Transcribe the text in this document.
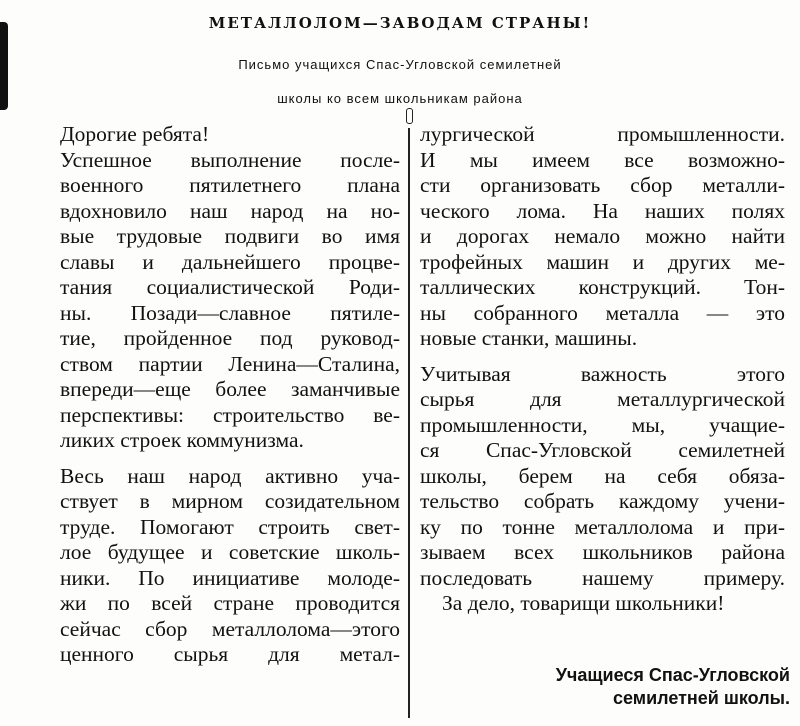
МЕТАЛЛОЛОМ—ЗАВОДАМ СТРАНЫ!
Письмо учащихся Спас-Угловской семилетней
школы ко всем школьникам района
Дорогие ребята!
Успешное выполнение после-
военного пятилетнего плана
вдохновило наш народ на но-
вые трудовые подвиги во имя
славы и дальнейшего процве-
тания социалистической Роди-
ны. Позади—славное пятиле-
тие, пройденное под руковод-
ством партии Ленина—Сталина,
впереди—еще более заманчивые
перспективы: строительство ве-
ликих строек коммунизма.
Весь наш народ активно уча-
ствует в мирном созидательном
труде. Помогают строить свет-
лое будущее и советские школь-
ники. По инициативе молоде-
жи по всей стране проводится
сейчас сбор металлолома—этого
ценного сырья для метал-
лургической промышленности.
И мы имеем все возможно-
сти организовать сбор металли-
ческого лома. На наших полях
и дорогах немало можно найти
трофейных машин и других ме-
таллических конструкций. Тон-
ны собранного металла — это
новые станки, машины.
Учитывая важность этого
сырья для металлургической
промышленности, мы, учащие-
ся Спас-Угловской семилетней
школы, берем на себя обяза-
тельство собрать каждому учени-
ку по тонне металлолома и при-
зываем всех школьников района
последовать нашему примеру.
За дело, товарищи школьники!
Учащиеся Спас-Угловской
семилетней школы.
